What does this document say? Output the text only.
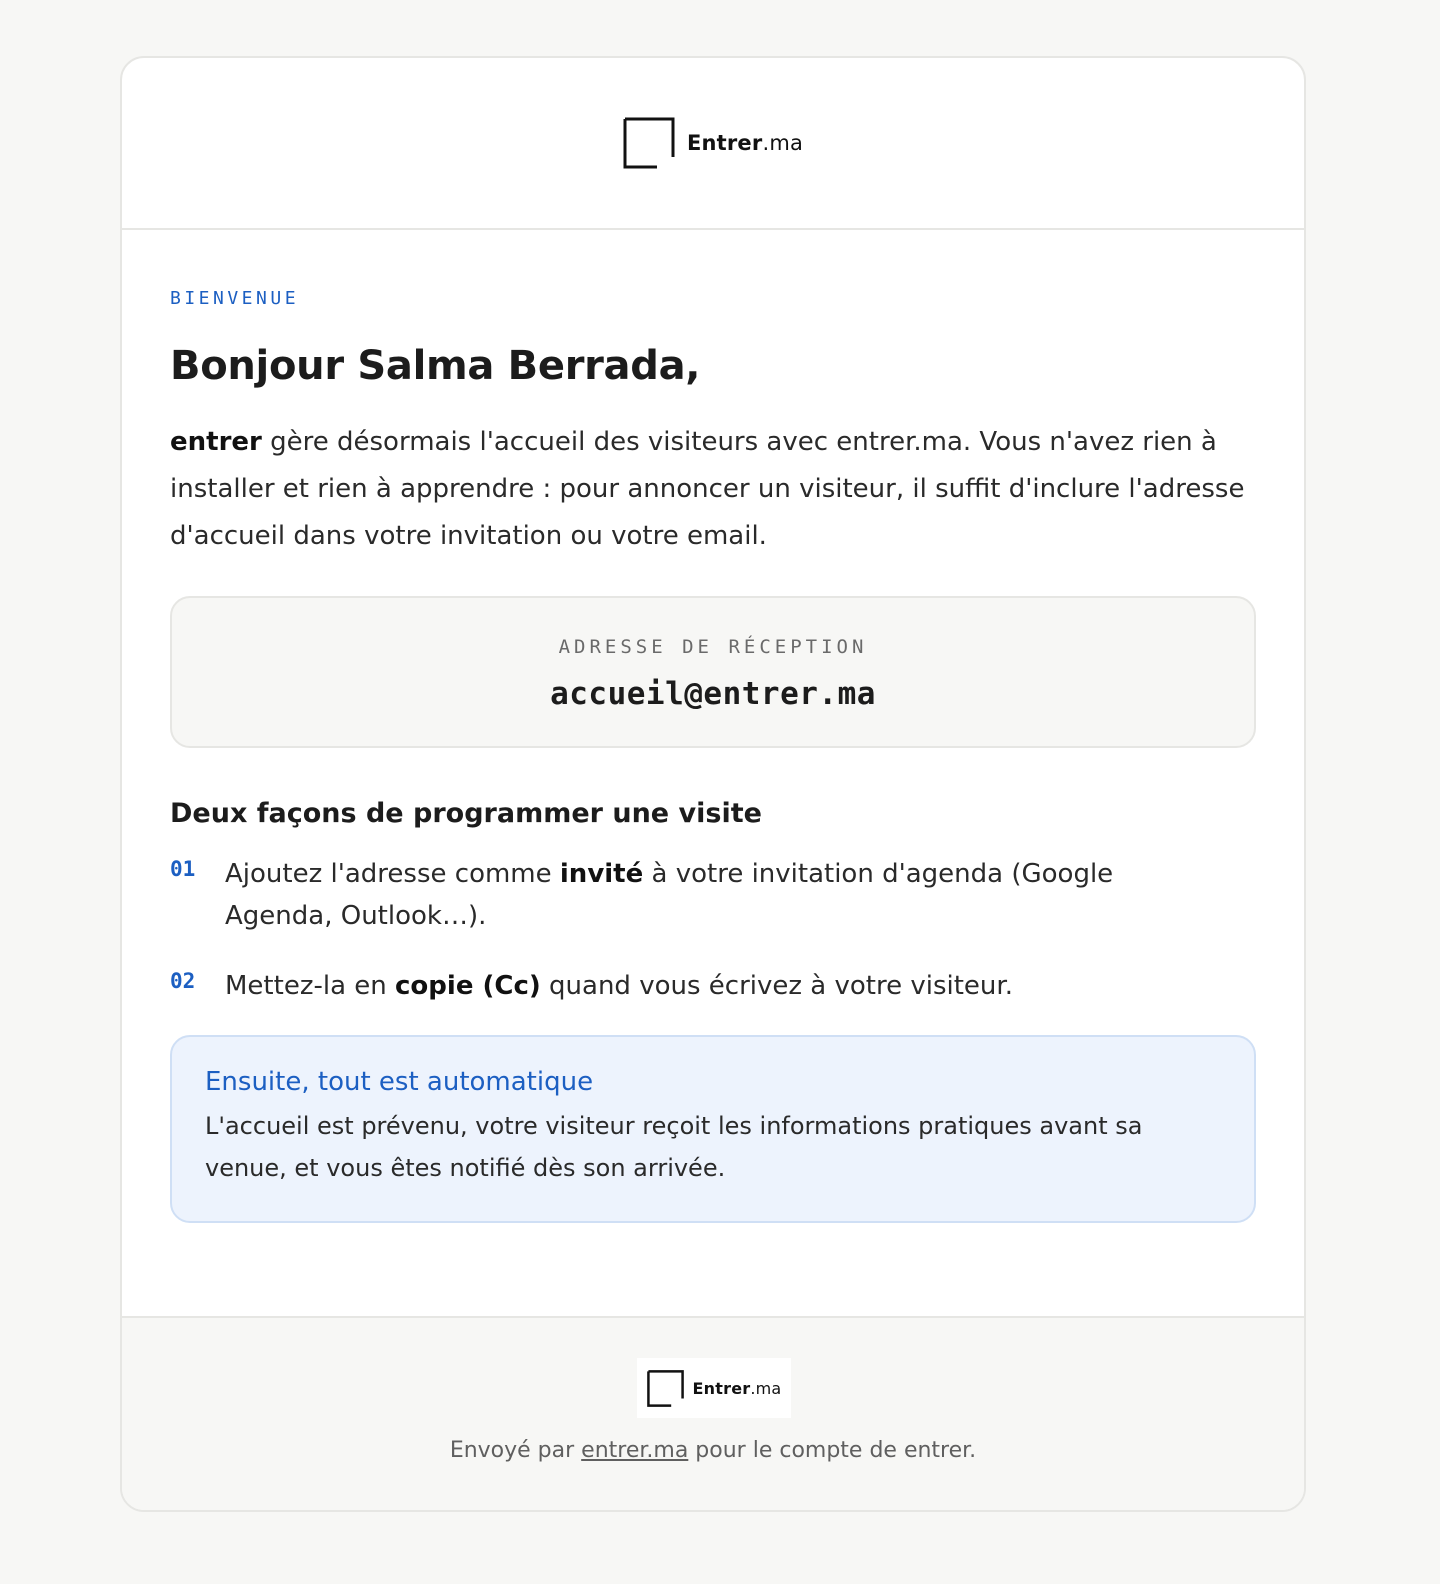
Entrer.ma
BIENVENUE
Bonjour Salma Berrada,

entrer gère désormais l'accueil des visiteurs avec entrer.ma. Vous n'avez rien à installer et rien à apprendre : pour annoncer un visiteur, il suffit d'inclure l'adresse d'accueil dans votre invitation ou votre email.

ADRESSE DE RÉCEPTION
accueil@entrer.ma
Deux façons de programmer une visite
01	Ajoutez l'adresse comme invité à votre invitation d'agenda (Google Agenda, Outlook…).
02	Mettez-la en copie (Cc) quand vous écrivez à votre visiteur.
Ensuite, tout est automatique
L'accueil est prévenu, votre visiteur reçoit les informations pratiques avant sa venue, et vous êtes notifié dès son arrivée.
Entrer.ma
Envoyé par entrer.ma pour le compte de entrer.
